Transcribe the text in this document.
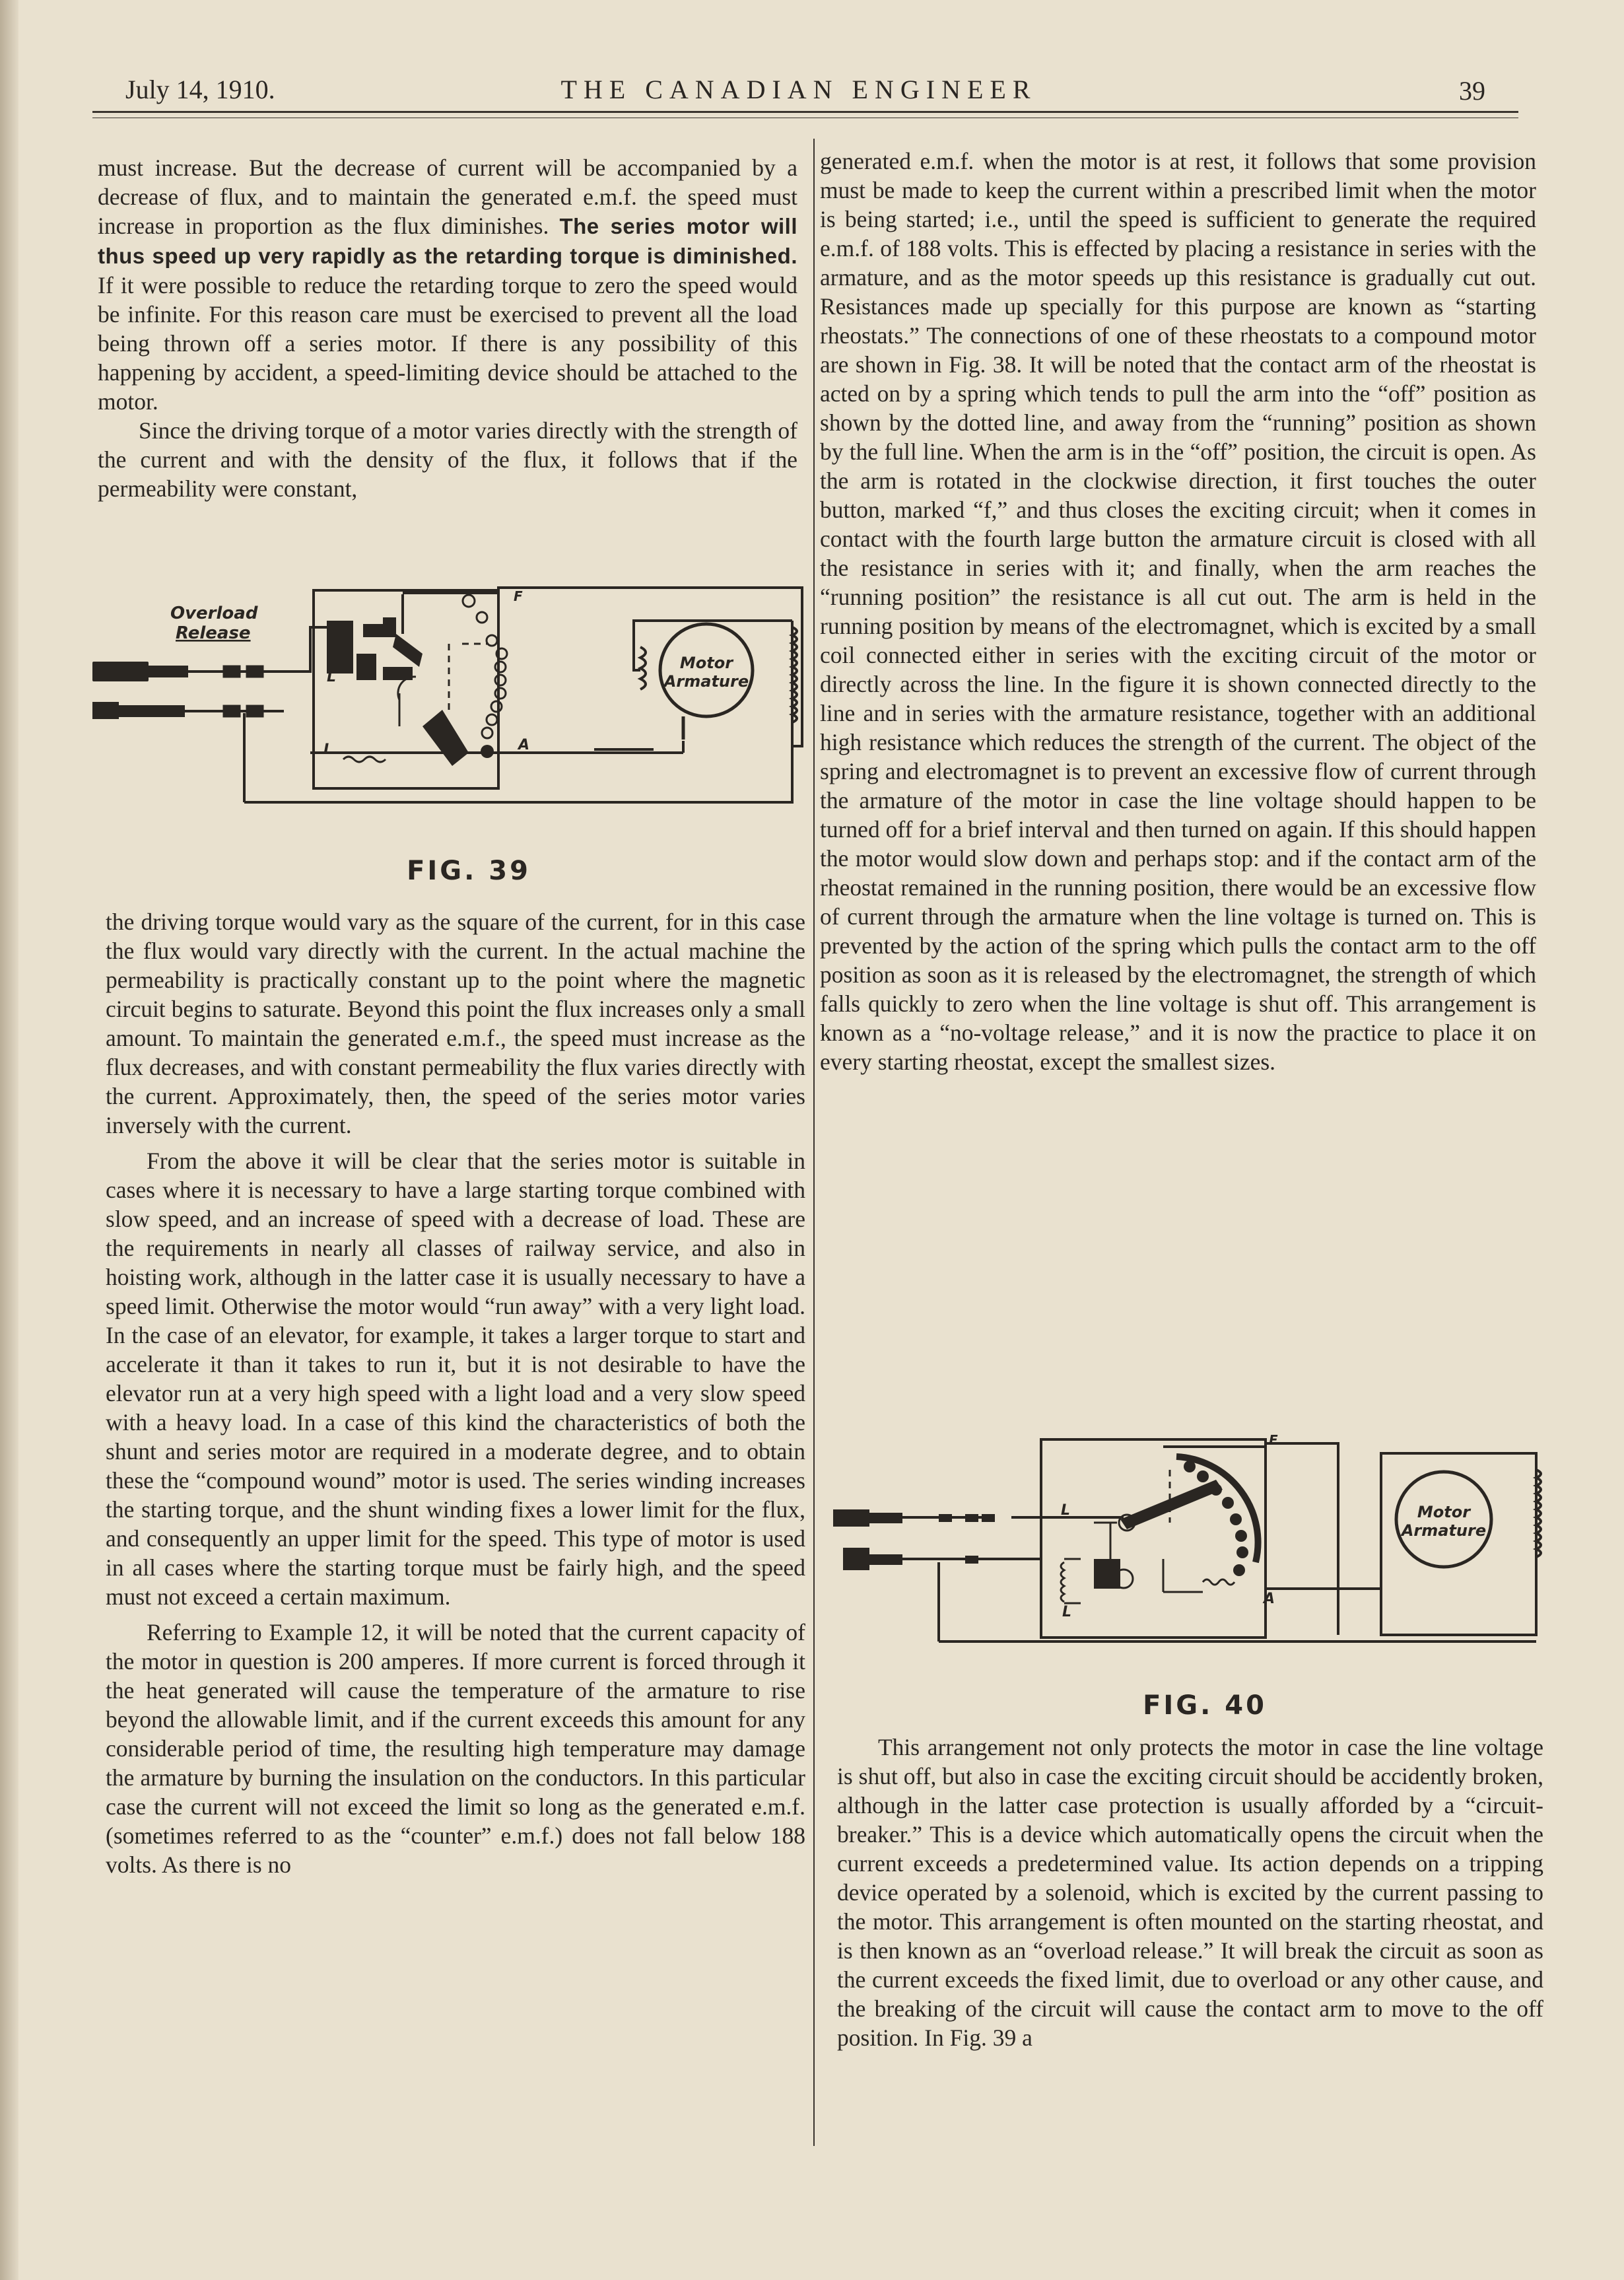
July 14, 1910.	THE CANADIAN ENGINEER	39

must increase. But the decrease of current will be accompanied by a decrease of flux, and to maintain the generated e.m.f. the speed must increase in proportion as the flux diminishes. The series motor will thus speed up very rapidly as the retarding torque is diminished. If it were possible to reduce the retarding torque to zero the speed would be infinite. For this reason care must be exercised to prevent all the load being thrown off a series motor. If there is any possibility of this happening by accident, a speed-limiting device should be attached to the motor.

Since the driving torque of a motor varies directly with the strength of the current and with the density of the flux, it follows that if the permeability were constant,

Overload
Release
L
L
F
A
Motor
Armature
FIG. 39

the driving torque would vary as the square of the current, for in this case the flux would vary directly with the current. In the actual machine the permeability is practically constant up to the point where the magnetic circuit begins to saturate. Beyond this point the flux increases only a small amount. To maintain the generated e.m.f., the speed must increase as the flux decreases, and with constant permeability the flux varies directly with the current. Approximately, then, the speed of the series motor varies inversely with the current.

From the above it will be clear that the series motor is suitable in cases where it is necessary to have a large starting torque combined with slow speed, and an increase of speed with a decrease of load. These are the requirements in nearly all classes of railway service, and also in hoisting work, although in the latter case it is usually necessary to have a speed limit. Otherwise the motor would “run away” with a very light load. In the case of an elevator, for example, it takes a larger torque to start and accelerate it than it takes to run it, but it is not desirable to have the elevator run at a very high speed with a light load and a very slow speed with a heavy load. In a case of this kind the characteristics of both the shunt and series motor are required in a moderate degree, and to obtain these the “compound wound” motor is used. The series winding increases the starting torque, and the shunt winding fixes a lower limit for the flux, and consequently an upper limit for the speed. This type of motor is used in all cases where the starting torque must be fairly high, and the speed must not exceed a certain maximum.

Referring to Example 12, it will be noted that the current capacity of the motor in question is 200 amperes. If more current is forced through it the heat generated will cause the temperature of the armature to rise beyond the allowable limit, and if the current exceeds this amount for any considerable period of time, the resulting high temperature may damage the armature by burning the insulation on the conductors. In this particular case the current will not exceed the limit so long as the generated e.m.f. (sometimes referred to as the “counter” e.m.f.) does not fall below 188 volts. As there is no

generated e.m.f. when the motor is at rest, it follows that some provision must be made to keep the current within a prescribed limit when the motor is being started; i.e., until the speed is sufficient to generate the required e.m.f. of 188 volts. This is effected by placing a resistance in series with the armature, and as the motor speeds up this resistance is gradually cut out. Resistances made up specially for this purpose are known as “starting rheostats.” The connections of one of these rheostats to a compound motor are shown in Fig. 38. It will be noted that the contact arm of the rheostat is acted on by a spring which tends to pull the arm into the “off” position as shown by the dotted line, and away from the “running” position as shown by the full line. When the arm is in the “off” position, the circuit is open. As the arm is rotated in the clockwise direction, it first touches the outer button, marked “f,” and thus closes the exciting circuit; when it comes in contact with the fourth large button the armature circuit is closed with all the resistance in series with it; and finally, when the arm reaches the “running position” the resistance is all cut out. The arm is held in the running position by means of the electromagnet, which is excited by a small coil connected either in series with the exciting circuit of the motor or directly across the line. In the figure it is shown connected directly to the line and in series with the armature resistance, together with an additional high resistance which reduces the strength of the current. The object of the spring and electromagnet is to prevent an excessive flow of current through the armature of the motor in case the line voltage should happen to be turned off for a brief interval and then turned on again. If this should happen the motor would slow down and perhaps stop: and if the contact arm of the rheostat remained in the running position, there would be an excessive flow of current through the armature when the line voltage is turned on. This is prevented by the action of the spring which pulls the contact arm to the off position as soon as it is released by the electromagnet, the strength of which falls quickly to zero when the line voltage is shut off. This arrangement is known as a “no-voltage release,” and it is now the practice to place it on every starting rheostat, except the smallest sizes.

L
L
F
A
Motor
Armature
FIG. 40

This arrangement not only protects the motor in case the line voltage is shut off, but also in case the exciting circuit should be accidently broken, although in the latter case protection is usually afforded by a “circuit-breaker.” This is a device which automatically opens the circuit when the current exceeds a predetermined value. Its action depends on a tripping device operated by a solenoid, which is excited by the current passing to the motor. This arrangement is often mounted on the starting rheostat, and is then known as an “overload release.” It will break the circuit as soon as the current exceeds the fixed limit, due to overload or any other cause, and the breaking of the circuit will cause the contact arm to move to the off position. In Fig. 39 a
